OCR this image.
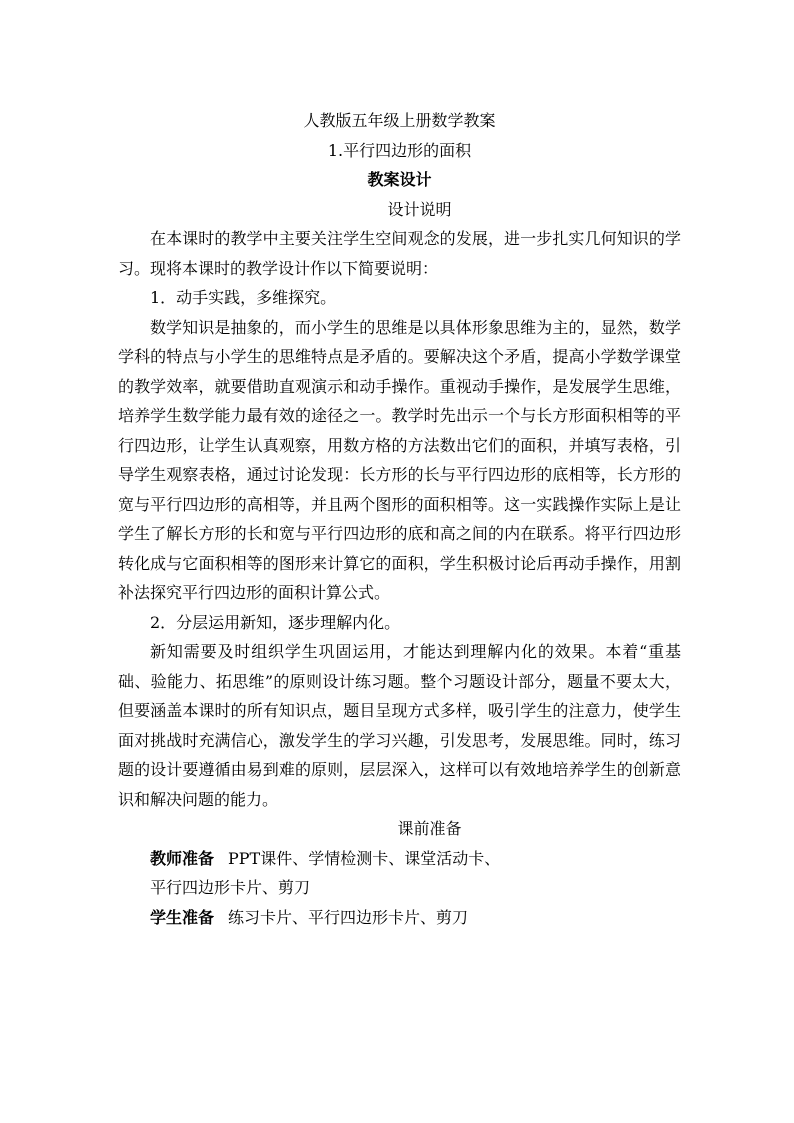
人教版五年级上册数学教案

1.平行四边形的面积

教案设计

设计说明

在本课时的教学中主要关注学生空间观念的发展，进一步扎实几何知识的学习。现将本课时的教学设计作以下简要说明：

1．动手实践，多维探究。

数学知识是抽象的，而小学生的思维是以具体形象思维为主的，显然，数学学科的特点与小学生的思维特点是矛盾的。要解决这个矛盾，提高小学数学课堂的教学效率，就要借助直观演示和动手操作。重视动手操作，是发展学生思维，培养学生数学能力最有效的途径之一。教学时先出示一个与长方形面积相等的平行四边形，让学生认真观察，用数方格的方法数出它们的面积，并填写表格，引导学生观察表格，通过讨论发现：长方形的长与平行四边形的底相等，长方形的宽与平行四边形的高相等，并且两个图形的面积相等。这一实践操作实际上是让学生了解长方形的长和宽与平行四边形的底和高之间的内在联系。将平行四边形转化成与它面积相等的图形来计算它的面积，学生积极讨论后再动手操作，用割补法探究平行四边形的面积计算公式。

2．分层运用新知，逐步理解内化。

新知需要及时组织学生巩固运用，才能达到理解内化的效果。本着“重基础、验能力、拓思维”的原则设计练习题。整个习题设计部分，题量不要太大，但要涵盖本课时的所有知识点，题目呈现方式多样，吸引学生的注意力，使学生面对挑战时充满信心，激发学生的学习兴趣，引发思考，发展思维。同时，练习题的设计要遵循由易到难的原则，层层深入，这样可以有效地培养学生的创新意识和解决问题的能力。

课前准备

教师准备 PPT课件、学情检测卡、课堂活动卡、

平行四边形卡片、剪刀

学生准备 练习卡片、平行四边形卡片、剪刀
